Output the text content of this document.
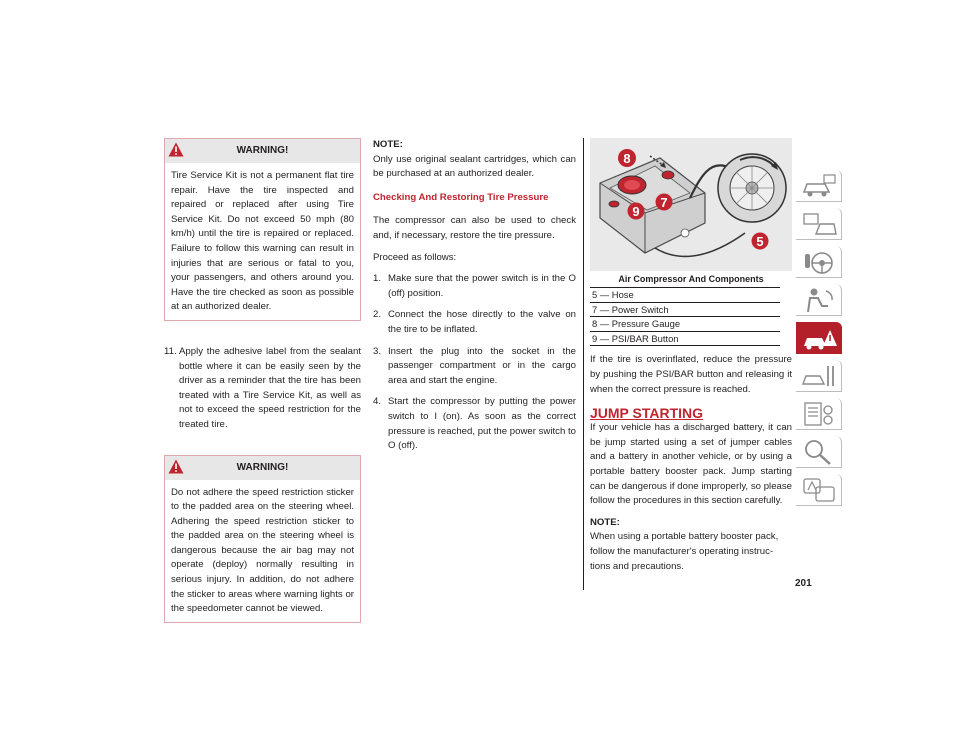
WARNING!
Tire Service Kit is not a permanent flat tire repair. Have the tire inspected and repaired or replaced after using Tire Service Kit. Do not exceed 50 mph (80 km/h) until the tire is repaired or replaced. Failure to follow this warning can result in injuries that are serious or fatal to you, your passengers, and others around you. Have the tire checked as soon as possible at an authorized dealer.
11. Apply the adhesive label from the sealant bottle where it can be easily seen by the driver as a reminder that the tire has been treated with a Tire Service Kit, as well as not to exceed the speed restriction for the treated tire.
WARNING!
Do not adhere the speed restriction sticker to the padded area on the steering wheel. Adhering the speed restriction sticker to the padded area on the steering wheel is dangerous because the air bag may not operate (deploy) normally resulting in serious injury. In addition, do not adhere the sticker to areas where warning lights or the speedometer cannot be viewed.
NOTE:

Only use original sealant cartridges, which can be purchased at an authorized dealer.

Checking And Restoring Tire Pressure

The compressor can also be used to check and, if necessary, restore the tire pressure.

Proceed as follows:

1. Make sure that the power switch is in the O (off) position.
2. Connect the hose directly to the valve on the tire to be inflated.
3. Insert the plug into the socket in the passenger compartment or in the cargo area and start the engine.
4. Start the compressor by putting the power switch to I (on). As soon as the correct pressure is reached, put the power switch to O (off).
8
9
7
5
Air Compressor And Components
5 — Hose
7 — Power Switch
8 — Pressure Gauge
9 — PSI/BAR Button

If the tire is overinflated, reduce the pressure by pushing the PSI/BAR button and releasing it when the correct pressure is reached.

JUMP STARTING

If your vehicle has a discharged battery, it can be jump started using a set of jumper cables and a battery in another vehicle, or by using a portable battery booster pack. Jump starting can be dangerous if done improperly, so please follow the procedures in this section carefully.

NOTE:

When using a portable battery booster pack, follow the manufacturer's operating instruc-tions and precautions.

201
